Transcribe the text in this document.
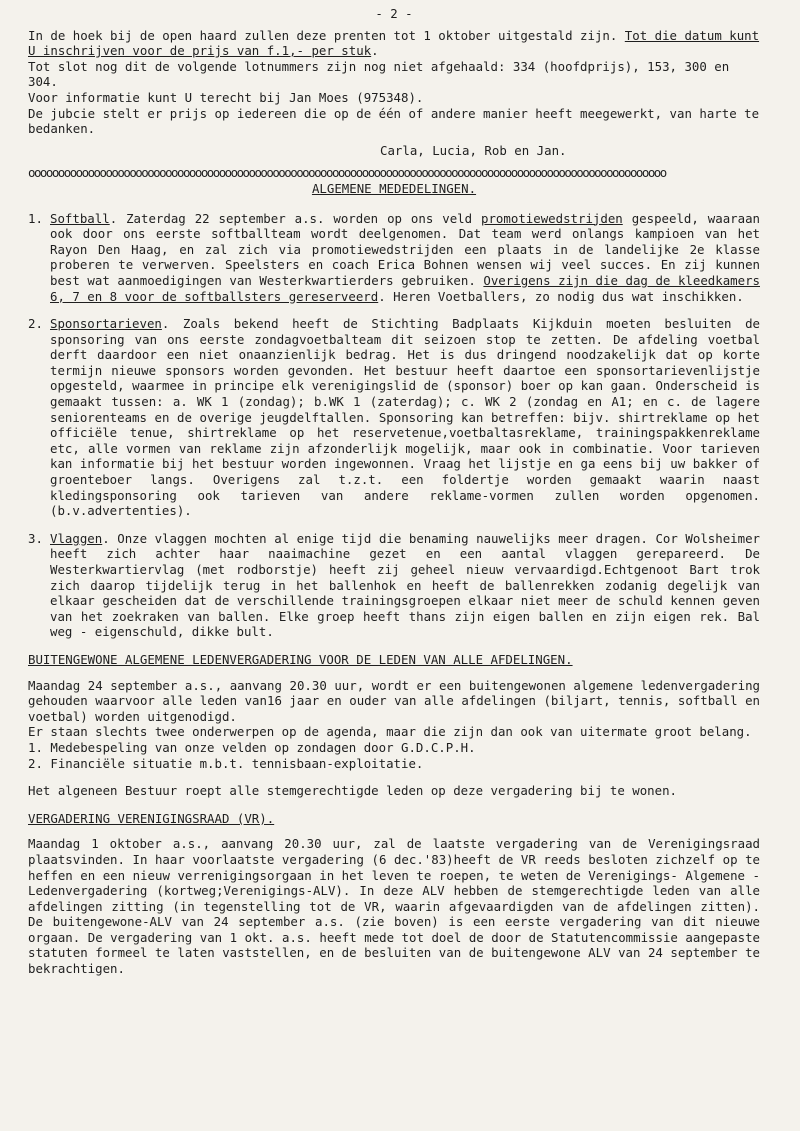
- 2 -

In de hoek bij de open haard zullen deze prenten tot 1 oktober uitgestald zijn. Tot die datum kunt U inschrijven voor de prijs van f.1,- per stuk.

Tot slot nog dit de volgende lotnummers zijn nog niet afgehaald: 334 (hoofdprijs), 153, 300 en 304.

Voor informatie kunt U terecht bij Jan Moes (975348).

De jubcie stelt er prijs op iedereen die op de één of andere manier heeft meegewerkt, van harte te bedanken.

Carla, Lucia, Rob en Jan.
ooooooooooooooooooooooooooooooooooooooooooooooooooooooooooooooooooooooooooooooooooooooooooooooooooooooooooo
ALGEMENE MEDEDELINGEN.
1. Softball. Zaterdag 22 september a.s. worden op ons veld promotiewedstrijden gespeeld, waaraan ook door ons eerste softballteam wordt deelgenomen. Dat team werd onlangs kampioen van het Rayon Den Haag, en zal zich via promotiewedstrijden een plaats in de landelijke 2e klasse proberen te verwerven. Speelsters en coach Erica Bohnen wensen wij veel succes. En zij kunnen best wat aanmoedigingen van Westerkwartierders gebruiken. Overigens zijn die dag de kleedkamers 6, 7 en 8 voor de softballsters gereserveerd. Heren Voetballers, zo nodig dus wat inschikken.
2. Sponsortarieven. Zoals bekend heeft de Stichting Badplaats Kijkduin moeten besluiten de sponsoring van ons eerste zondagvoetbalteam dit seizoen stop te zetten. De afdeling voetbal derft daardoor een niet onaanzienlijk bedrag. Het is dus dringend noodzakelijk dat op korte termijn nieuwe sponsors worden gevonden. Het bestuur heeft daartoe een sponsortarievenlijstje opgesteld, waarmee in principe elk verenigingslid de (sponsor) boer op kan gaan. Onderscheid is gemaakt tussen: a. WK 1 (zondag); b.WK 1 (zaterdag); c. WK 2 (zondag en A1; en c. de lagere seniorenteams en de overige jeugdelftallen. Sponsoring kan betreffen: bijv. shirtreklame op het officiële tenue, shirtreklame op het reservetenue,voetbaltasreklame, trainingspakkenreklame etc, alle vormen van reklame zijn afzonderlijk mogelijk, maar ook in combinatie. Voor tarieven kan informatie bij het bestuur worden ingewonnen. Vraag het lijstje en ga eens bij uw bakker of groenteboer langs. Overigens zal t.z.t. een foldertje worden gemaakt waarin naast kledingsponsoring ook tarieven van andere reklame-vormen zullen worden opgenomen. (b.v.advertenties).
3. Vlaggen. Onze vlaggen mochten al enige tijd die benaming nauwelijks meer dragen. Cor Wolsheimer heeft zich achter haar naaimachine gezet en een aantal vlaggen gerepareerd. De Westerkwartiervlag (met rodborstje) heeft zij geheel nieuw vervaardigd.Echtgenoot Bart trok zich daarop tijdelijk terug in het ballenhok en heeft de ballenrekken zodanig degelijk van elkaar gescheiden dat de verschillende trainingsgroepen elkaar niet meer de schuld kennen geven van het zoekraken van ballen. Elke groep heeft thans zijn eigen ballen en zijn eigen rek. Bal weg - eigenschuld, dikke bult.
BUITENGEWONE ALGEMENE LEDENVERGADERING VOOR DE LEDEN VAN ALLE AFDELINGEN.

Maandag 24 september a.s., aanvang 20.30 uur, wordt er een buitengewonen algemene ledenvergadering gehouden waarvoor alle leden van16 jaar en ouder van alle afdelingen (biljart, tennis, softball en voetbal) worden uitgenodigd.

Er staan slechts twee onderwerpen op de agenda, maar die zijn dan ook van uitermate groot belang.

1. Medebespeling van onze velden op zondagen door G.D.C.P.H.

2. Financiële situatie m.b.t. tennisbaan-exploitatie.

Het algeneen Bestuur roept alle stemgerechtigde leden op deze vergadering bij te wonen.

VERGADERING VERENIGINGSRAAD (VR).

Maandag 1 oktober a.s., aanvang 20.30 uur, zal de laatste vergadering van de Verenigingsraad plaatsvinden. In haar voorlaatste vergadering (6 dec.'83)heeft de VR reeds besloten zichzelf op te heffen en een nieuw verrenigingsorgaan in het leven te roepen, te weten de Verenigings- Algemene - Ledenvergadering (kortweg;Verenigings-ALV). In deze ALV hebben de stemgerechtigde leden van alle afdelingen zitting (in tegenstelling tot de VR, waarin afgevaardigden van de afdelingen zitten). De buitengewone-ALV van 24 september a.s. (zie boven) is een eerste vergadering van dit nieuwe orgaan. De vergadering van 1 okt. a.s. heeft mede tot doel de door de Statutencommissie aangepaste statuten formeel te laten vaststellen, en de besluiten van de buitengewone ALV van 24 september te bekrachtigen.
